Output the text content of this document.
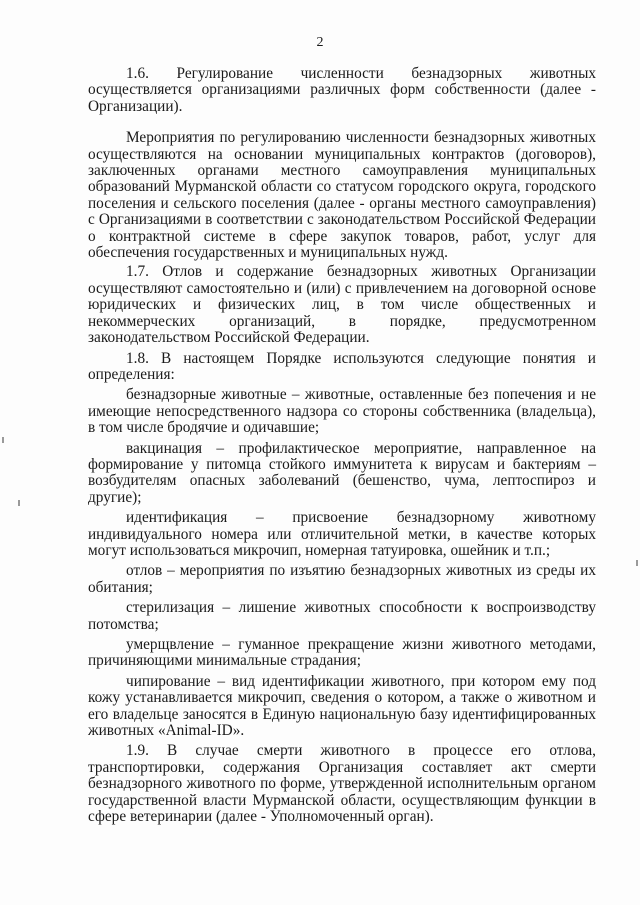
2

1.6. Регулирование численности безнадзорных животных осуществляется организациями различных форм собственности (далее - Организации).

Мероприятия по регулированию численности безнадзорных животных осуществляются на основании муниципальных контрактов (договоров), заключенных органами местного самоуправления муниципальных образований Мурманской области со статусом городского округа, городского поселения и сельского поселения (далее - органы местного самоуправления) с Организациями в соответствии с законодательством Российской Федерации о контрактной системе в сфере закупок товаров, работ, услуг для обеспечения государственных и муниципальных нужд.

1.7. Отлов и содержание безнадзорных животных Организации осуществляют самостоятельно и (или) с привлечением на договорной основе юридических и физических лиц, в том числе общественных и некоммерческих организаций, в порядке, предусмотренном законодательством Российской Федерации.

1.8. В настоящем Порядке используются следующие понятия и определения:

безнадзорные животные – животные, оставленные без попечения и не имеющие непосредственного надзора со стороны собственника (владельца), в том числе бродячие и одичавшие;

вакцинация – профилактическое мероприятие, направленное на формирование у питомца стойкого иммунитета к вирусам и бактериям – возбудителям опасных заболеваний (бешенство, чума, лептоспироз и другие);

идентификация – присвоение безнадзорному животному индивидуального номера или отличительной метки, в качестве которых могут использоваться микрочип, номерная татуировка, ошейник и т.п.;

отлов – мероприятия по изъятию безнадзорных животных из среды их обитания;

стерилизация – лишение животных способности к воспроизводству потомства;

умерщвление – гуманное прекращение жизни животного методами, причиняющими минимальные страдания;

чипирование – вид идентификации животного, при котором ему под кожу устанавливается микрочип, сведения о котором, а также о животном и его владельце заносятся в Единую национальную базу идентифицированных животных «Animal-ID».

1.9. В случае смерти животного в процессе его отлова, транспортировки, содержания Организация составляет акт смерти безнадзорного животного по форме, утвержденной исполнительным органом государственной власти Мурманской области, осуществляющим функции в сфере ветеринарии (далее - Уполномоченный орган).
